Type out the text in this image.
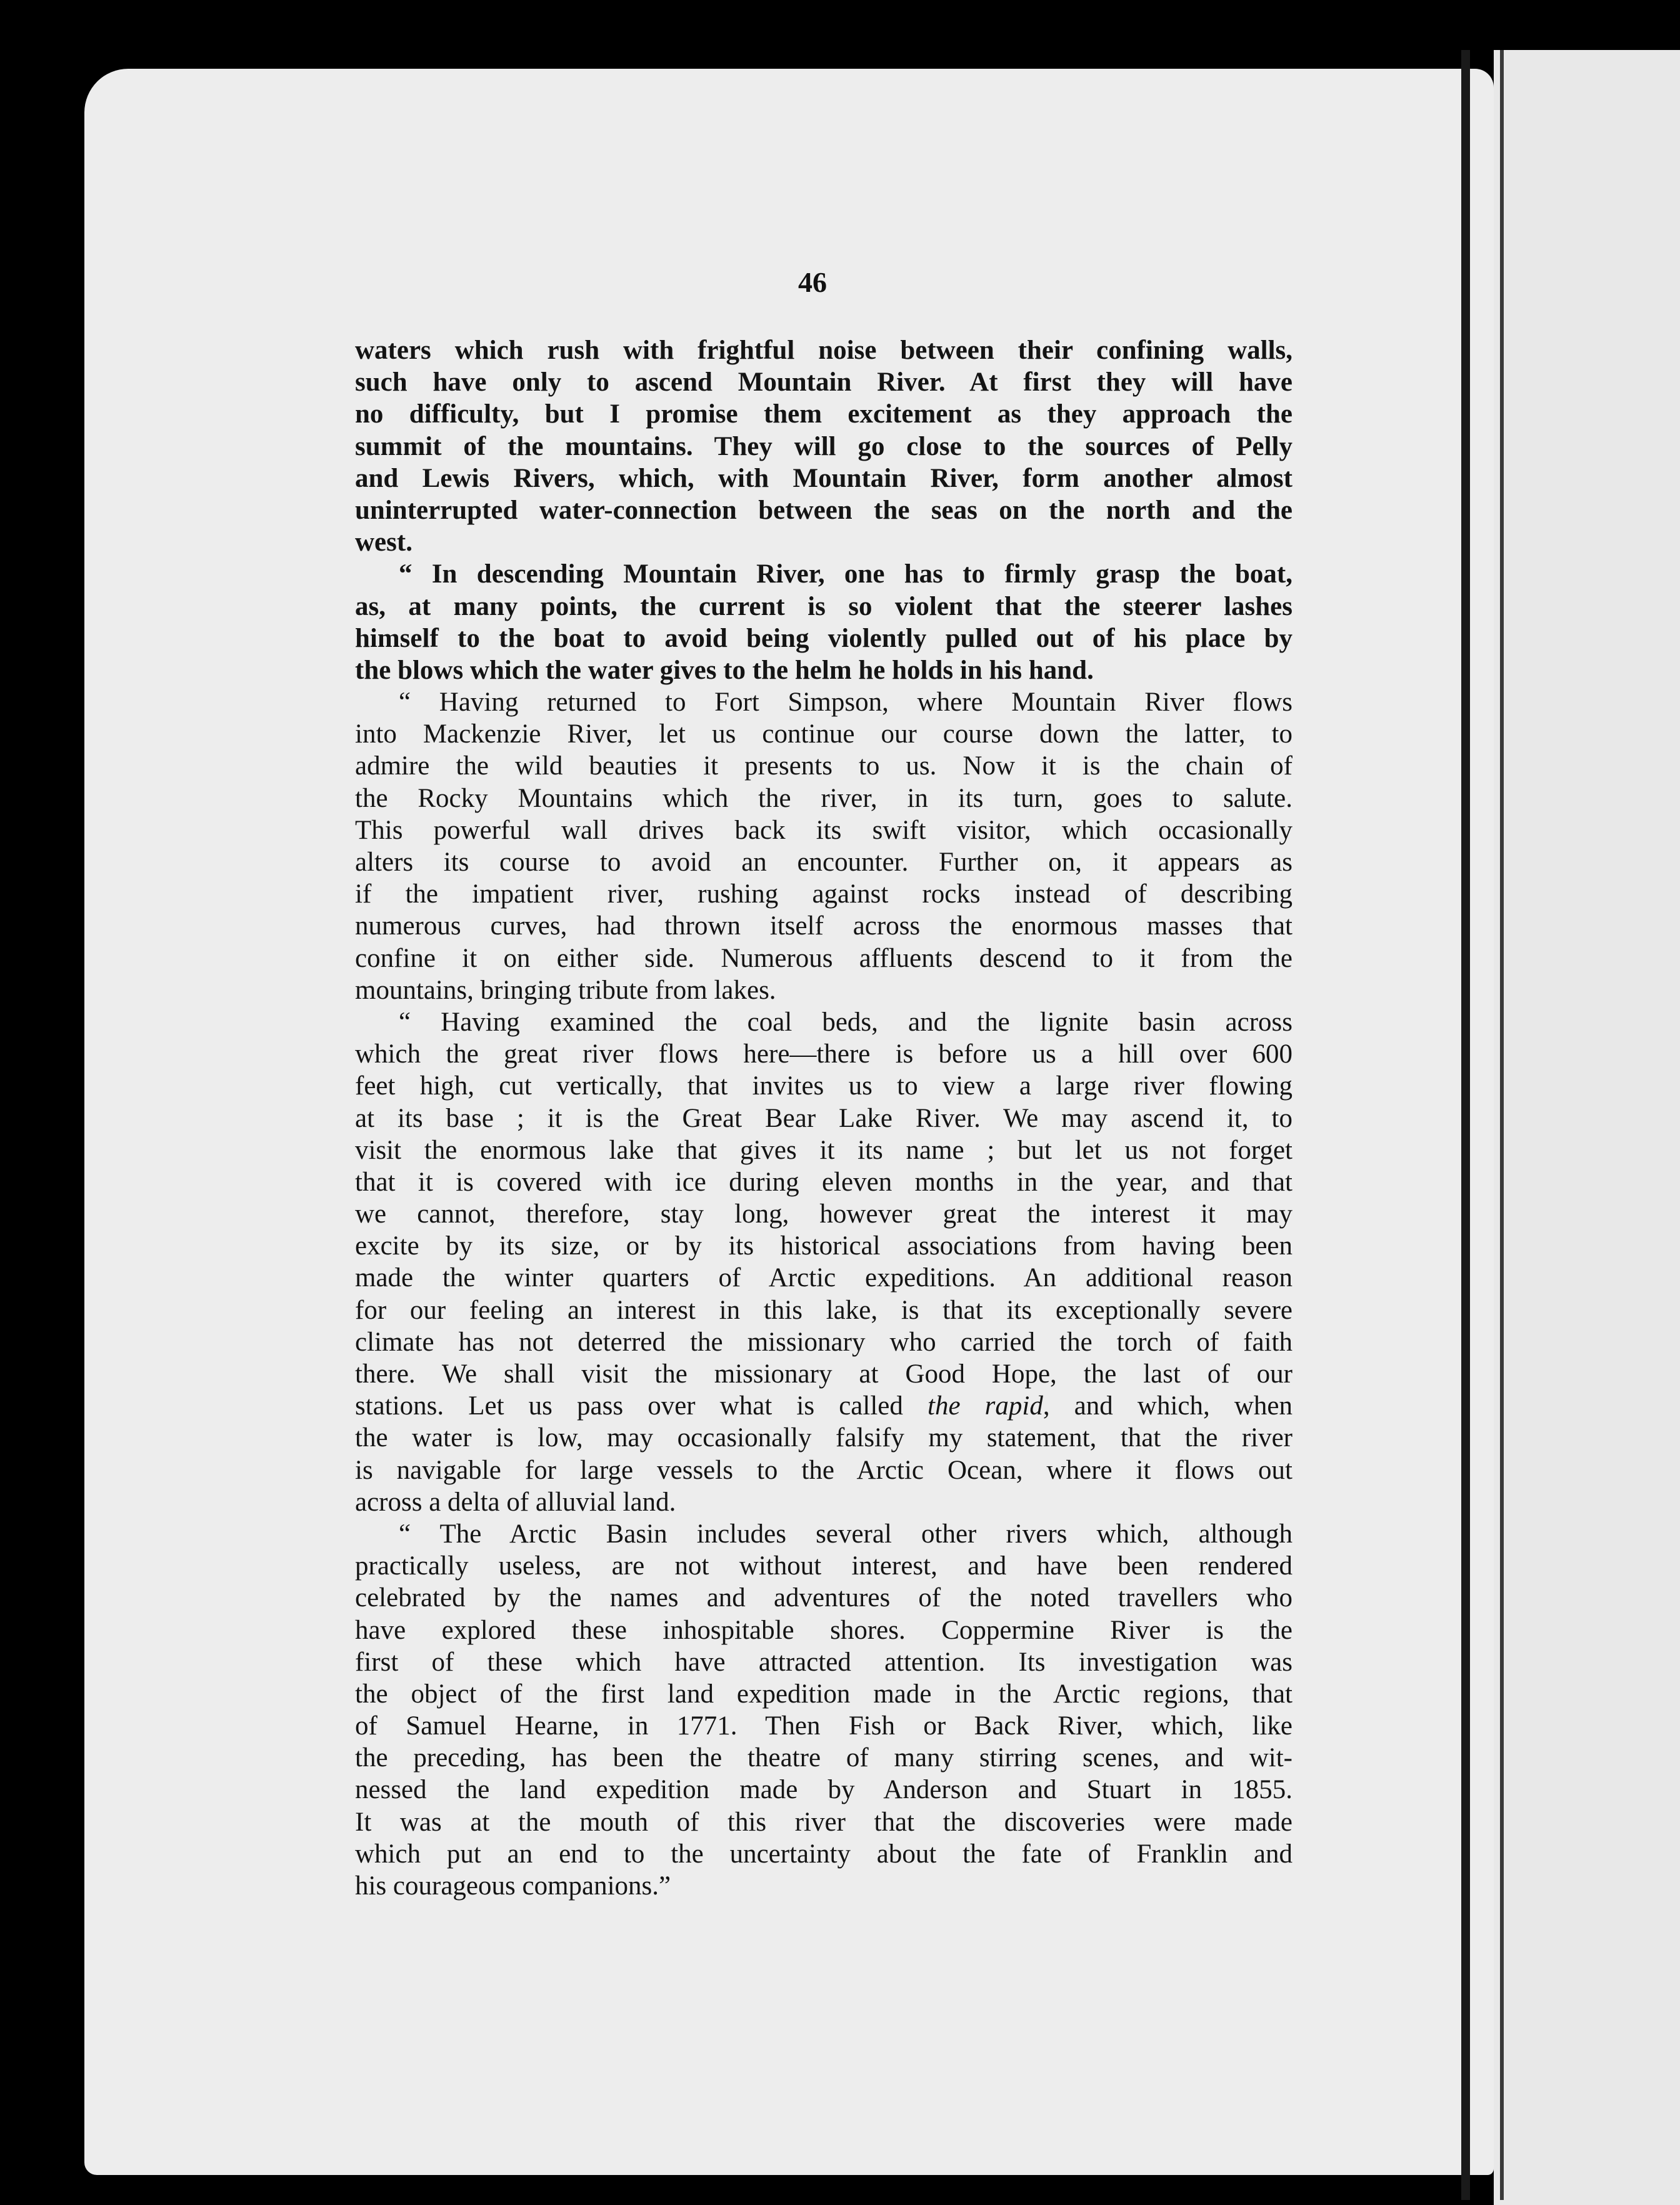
46
waters which rush with frightful noise between their confining walls,
such have only to ascend Mountain River. At first they will have
no difficulty, but I promise them excitement as they approach the
summit of the mountains. They will go close to the sources of Pelly
and Lewis Rivers, which, with Mountain River, form another almost
uninterrupted water-connection between the seas on the north and the
west.
“ In descending Mountain River, one has to firmly grasp the boat,
as, at many points, the current is so violent that the steerer lashes
himself to the boat to avoid being violently pulled out of his place by
the blows which the water gives to the helm he holds in his hand.
“ Having returned to Fort Simpson, where Mountain River flows
into Mackenzie River, let us continue our course down the latter, to
admire the wild beauties it presents to us. Now it is the chain of
the Rocky Mountains which the river, in its turn, goes to salute.
This powerful wall drives back its swift visitor, which occasionally
alters its course to avoid an encounter. Further on, it appears as
if the impatient river, rushing against rocks instead of describing
numerous curves, had thrown itself across the enormous masses that
confine it on either side. Numerous affluents descend to it from the
mountains, bringing tribute from lakes.
“ Having examined the coal beds, and the lignite basin across
which the great river flows here—there is before us a hill over 600
feet high, cut vertically, that invites us to view a large river flowing
at its base ; it is the Great Bear Lake River. We may ascend it, to
visit the enormous lake that gives it its name ; but let us not forget
that it is covered with ice during eleven months in the year, and that
we cannot, therefore, stay long, however great the interest it may
excite by its size, or by its historical associations from having been
made the winter quarters of Arctic expeditions. An additional reason
for our feeling an interest in this lake, is that its exceptionally severe
climate has not deterred the missionary who carried the torch of faith
there. We shall visit the missionary at Good Hope, the last of our
stations. Let us pass over what is called the rapid, and which, when
the water is low, may occasionally falsify my statement, that the river
is navigable for large vessels to the Arctic Ocean, where it flows out
across a delta of alluvial land.
“ The Arctic Basin includes several other rivers which, although
practically useless, are not without interest, and have been rendered
celebrated by the names and adventures of the noted travellers who
have explored these inhospitable shores. Coppermine River is the
first of these which have attracted attention. Its investigation was
the object of the first land expedition made in the Arctic regions, that
of Samuel Hearne, in 1771. Then Fish or Back River, which, like
the preceding, has been the theatre of many stirring scenes, and wit-
nessed the land expedition made by Anderson and Stuart in 1855.
It was at the mouth of this river that the discoveries were made
which put an end to the uncertainty about the fate of Franklin and
his courageous companions.”
